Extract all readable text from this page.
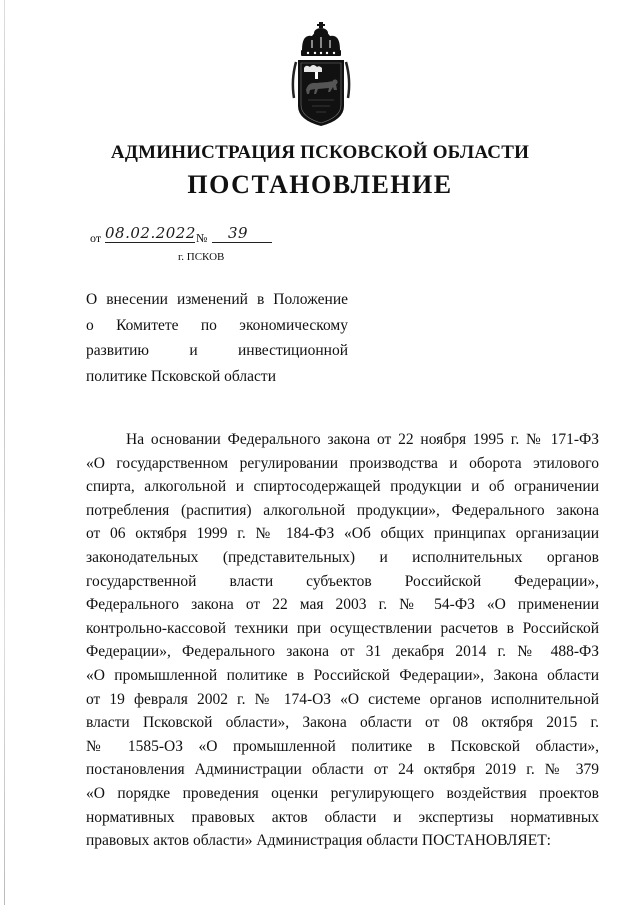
АДМИНИСТРАЦИЯ ПСКОВСКОЙ ОБЛАСТИ
ПОСТАНОВЛЕНИЕ
от 08.02.2022 № 39
г. ПСКОВ
О внесении изменений в Положение
о Комитете по экономическому
развитию и инвестиционной
политике Псковской области
На основании Федерального закона от 22 ноября 1995 г. № 171-ФЗ
«О государственном регулировании производства и оборота этилового
спирта, алкогольной и спиртосодержащей продукции и об ограничении
потребления (распития) алкогольной продукции», Федерального закона
от 06 октября 1999 г. № 184-ФЗ «Об общих принципах организации
законодательных (представительных) и исполнительных органов
государственной власти субъектов Российской Федерации»,
Федерального закона от 22 мая 2003 г. № 54-ФЗ «О применении
контрольно-кассовой техники при осуществлении расчетов в Российской
Федерации», Федерального закона от 31 декабря 2014 г. № 488-ФЗ
«О промышленной политике в Российской Федерации», Закона области
от 19 февраля 2002 г. № 174-ОЗ «О системе органов исполнительной
власти Псковской области», Закона области от 08 октября 2015 г.
№ 1585-ОЗ «О промышленной политике в Псковской области»,
постановления Администрации области от 24 октября 2019 г. № 379
«О порядке проведения оценки регулирующего воздействия проектов
нормативных правовых актов области и экспертизы нормативных
правовых актов области» Администрация области ПОСТАНОВЛЯЕТ:
